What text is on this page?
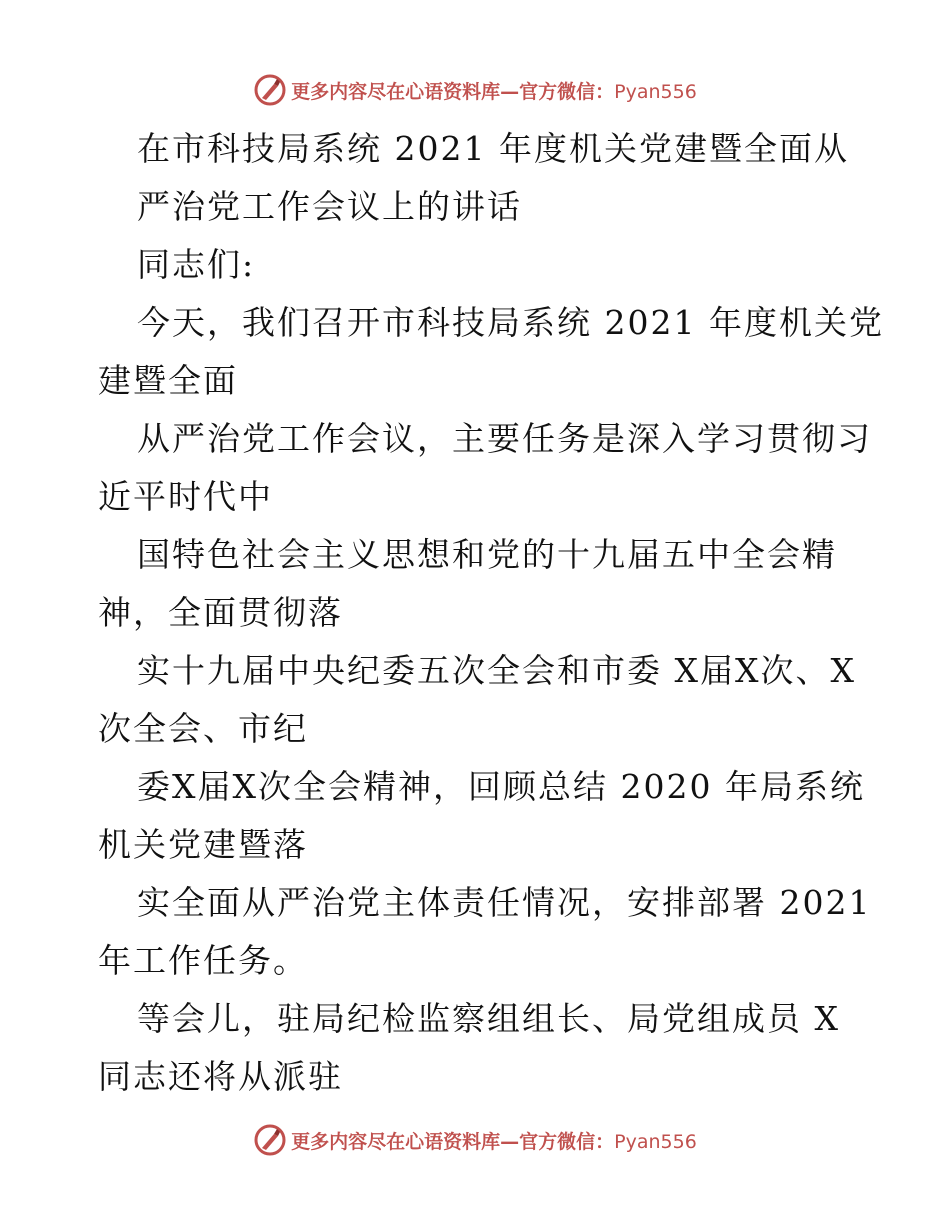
更多内容尽在心语资料库—官方微信：Pyan556
在市科技局系统 2021 年度机关党建暨全面从
严治党工作会议上的讲话
同志们:
今天，我们召开市科技局系统 2021 年度机关党
建暨全面
从严治党工作会议，主要任务是深入学习贯彻习
近平时代中
国特色社会主义思想和党的十九届五中全会精
神，全面贯彻落
实十九届中央纪委五次全会和市委 X届X次、X
次全会、市纪
委X届X次全会精神，回顾总结 2020 年局系统
机关党建暨落
实全面从严治党主体责任情况，安排部署 2021
年工作任务。
等会儿，驻局纪检监察组组长、局党组成员 X
同志还将从派驻
更多内容尽在心语资料库—官方微信：Pyan556
